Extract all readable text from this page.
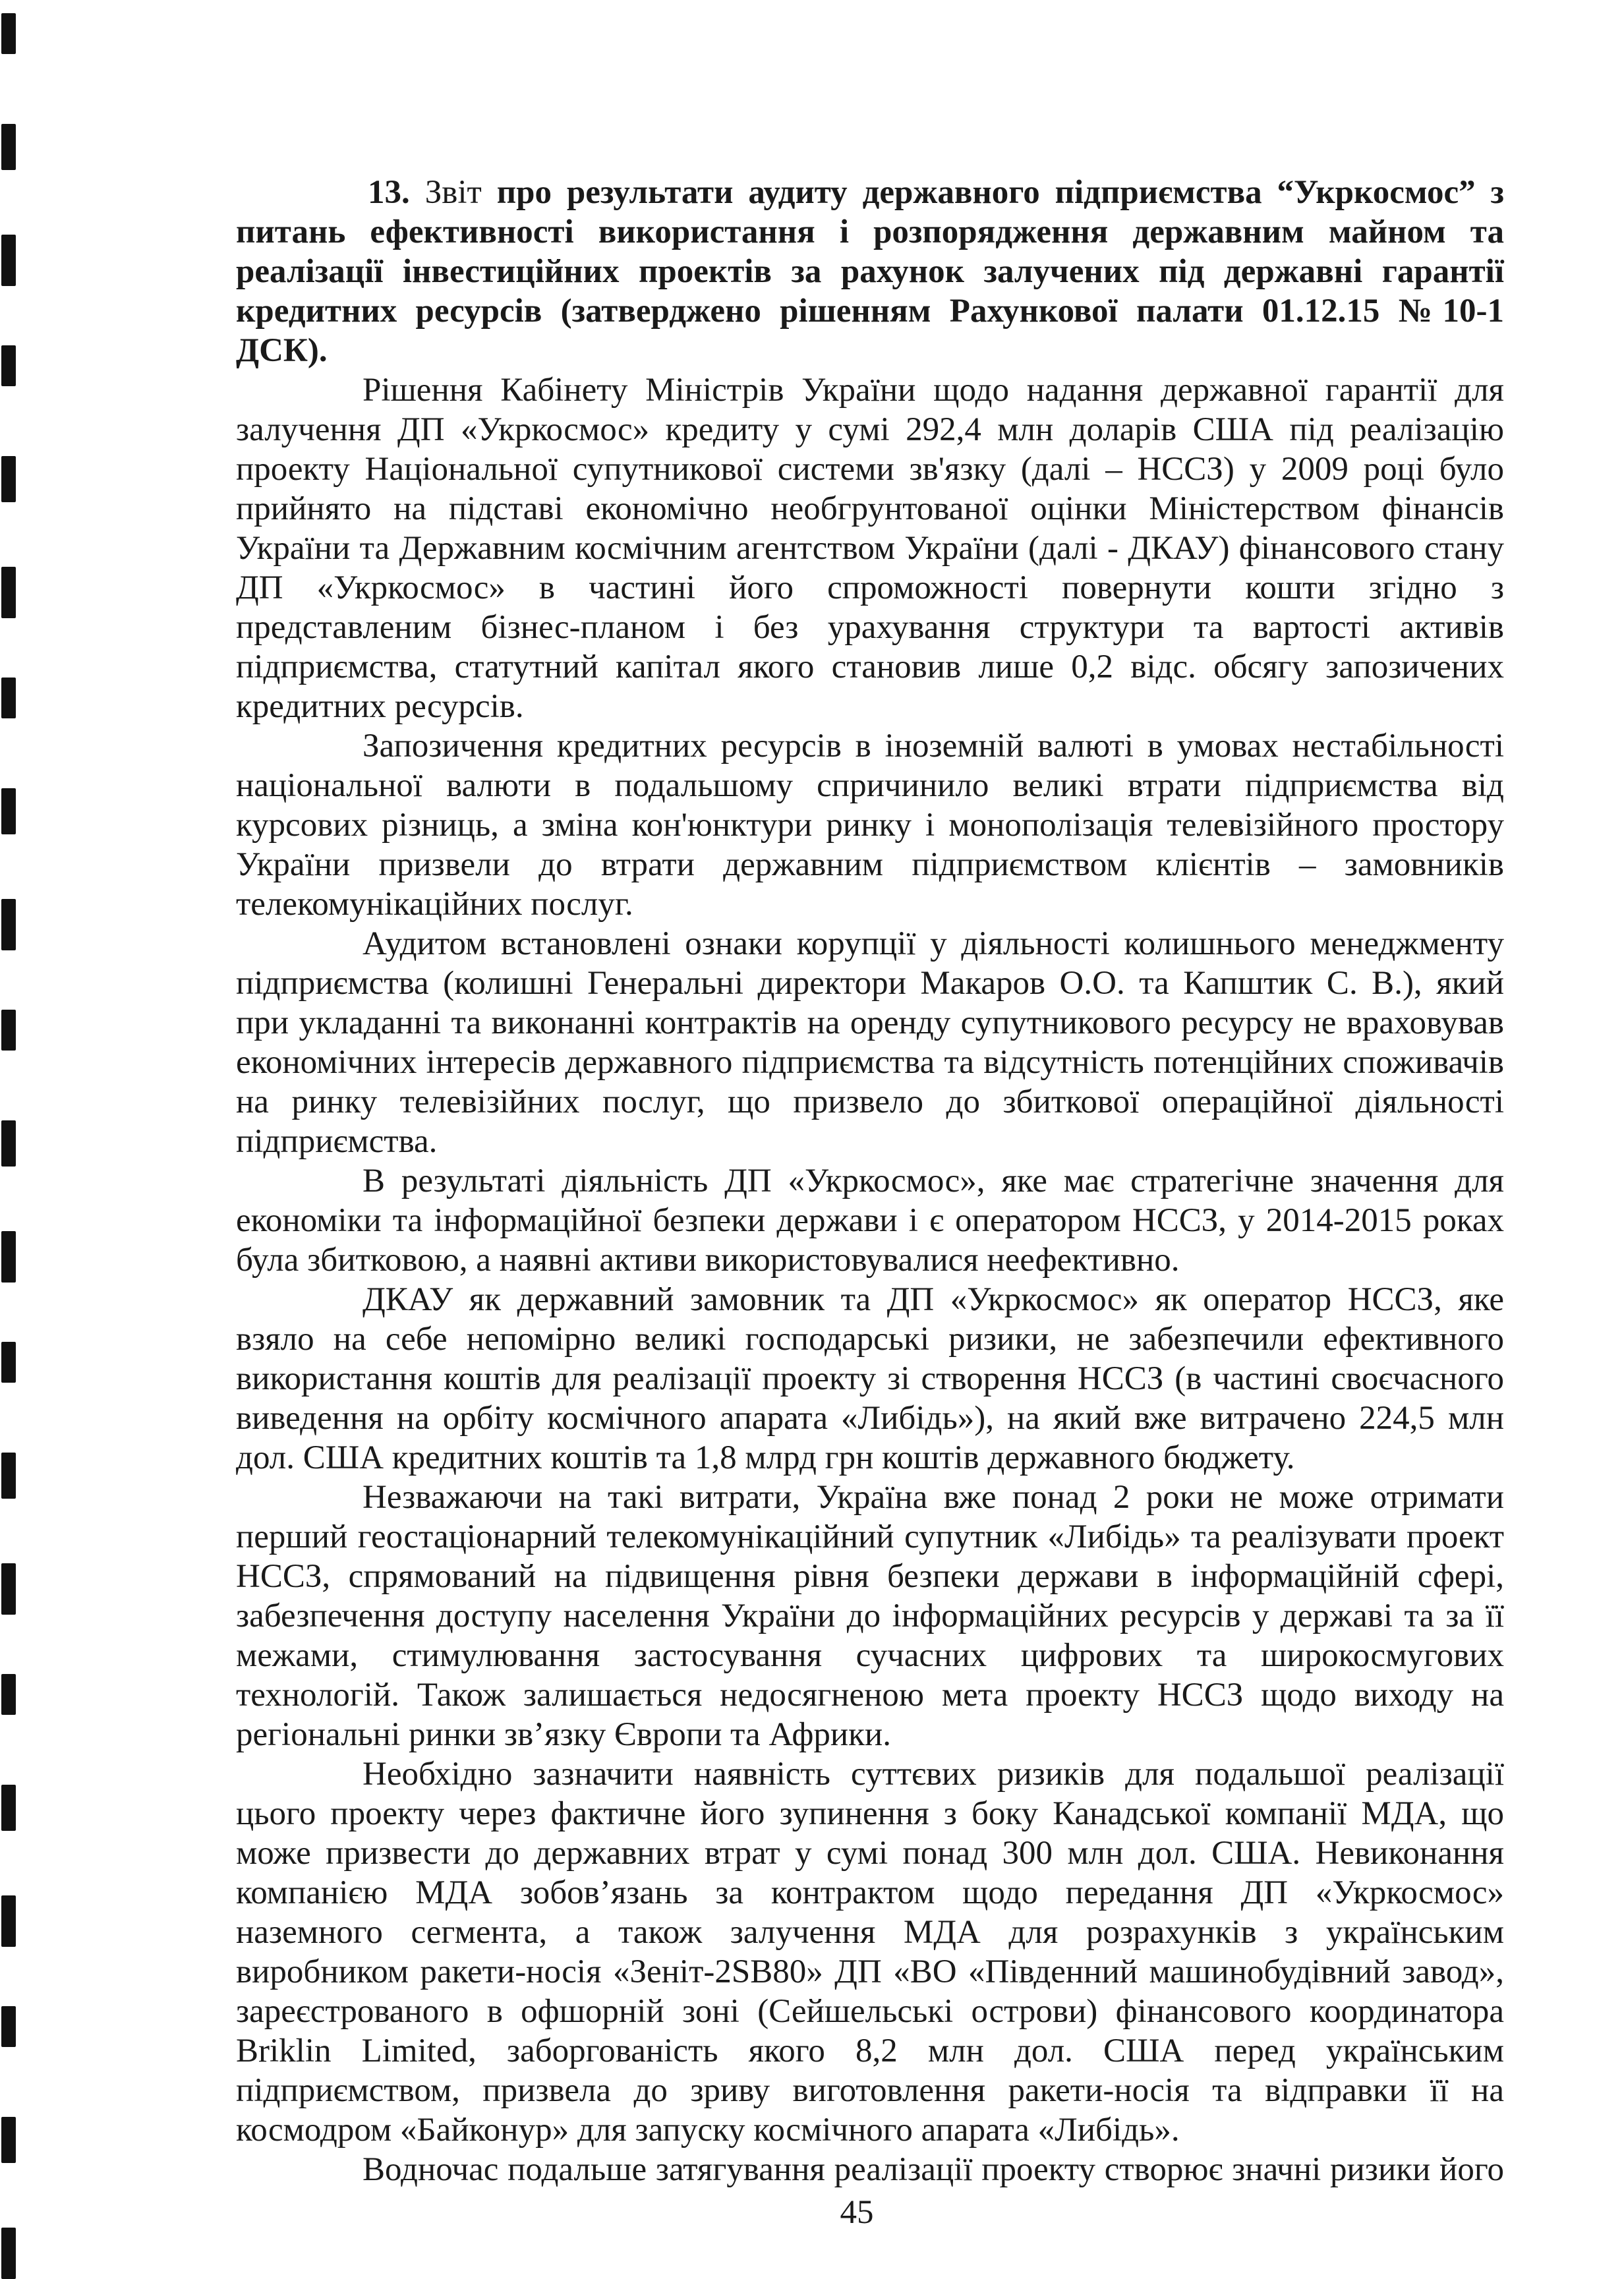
13. Звіт про результати аудиту державного підприємства “Укркосмос” з
питань ефективності використання і розпорядження державним майном та
реалізації інвестиційних проектів за рахунок залучених під державні гарантії
кредитних ресурсів (затверджено рішенням Рахункової палати 01.12.15 №10-1
ДСК).
Рішення Кабінету Міністрів України щодо надання державної гарантії для
залучення ДП «Укркосмос» кредиту у сумі 292,4 млн доларів США під реалізацію
проекту Національної супутникової системи зв'язку (далі – НССЗ) у 2009 році було
прийнято на підставі економічно необгрунтованої оцінки Міністерством фінансів
України та Державним космічним агентством України (далі - ДКАУ) фінансового стану
ДП «Укркосмос» в частині його спроможності повернути кошти згідно з
представленим бізнес-планом і без урахування структури та вартості активів
підприємства, статутний капітал якого становив лише 0,2 відс. обсягу запозичених
кредитних ресурсів.
Запозичення кредитних ресурсів в іноземній валюті в умовах нестабільності
національної валюти в подальшому спричинило великі втрати підприємства від
курсових різниць, а зміна кон'юнктури ринку і монополізація телевізійного простору
України призвели до втрати державним підприємством клієнтів – замовників
телекомунікаційних послуг.
Аудитом встановлені ознаки корупції у діяльності колишнього менеджменту
підприємства (колишні Генеральні директори Макаров О.О. та Капштик С. В.), який
при укладанні та виконанні контрактів на оренду супутникового ресурсу не враховував
економічних інтересів державного підприємства та відсутність потенційних споживачів
на ринку телевізійних послуг, що призвело до збиткової операційної діяльності
підприємства.
В результаті діяльність ДП «Укркосмос», яке має стратегічне значення для
економіки та інформаційної безпеки держави і є оператором НССЗ, у 2014-2015 роках
була збитковою, а наявні активи використовувалися неефективно.
ДКАУ як державний замовник та ДП «Укркосмос» як оператор НССЗ, яке
взяло на себе непомірно великі господарські ризики, не забезпечили ефективного
використання коштів для реалізації проекту зі створення НССЗ (в частині своєчасного
виведення на орбіту космічного апарата «Либідь»), на який вже витрачено 224,5 млн
дол. США кредитних коштів та 1,8 млрд грн коштів державного бюджету.
Незважаючи на такі витрати, Україна вже понад 2 роки не може отримати
перший геостаціонарний телекомунікаційний супутник «Либідь» та реалізувати проект
НССЗ, спрямований на підвищення рівня безпеки держави в інформаційній сфері,
забезпечення доступу населення України до інформаційних ресурсів у державі та за її
межами, стимулювання застосування сучасних цифрових та широкосмугових
технологій. Також залишається недосягненою мета проекту НССЗ щодо виходу на
регіональні ринки зв’язку Європи та Африки.
Необхідно зазначити наявність суттєвих ризиків для подальшої реалізації
цього проекту через фактичне його зупинення з боку Канадської компанії МДА, що
може призвести до державних втрат у сумі понад 300 млн дол. США. Невиконання
компанією МДА зобов’язань за контрактом щодо передання ДП «Укркосмос»
наземного сегмента, а також залучення МДА для розрахунків з українським
виробником ракети-носія «Зеніт-2SB80» ДП «ВО «Південний машинобудівний завод»,
зареєстрованого в офшорній зоні (Сейшельські острови) фінансового координатора
Briklin Limited, заборгованість якого 8,2 млн дол. США перед українським
підприємством, призвела до зриву виготовлення ракети-носія та відправки її на
космодром «Байконур» для запуску космічного апарата «Либідь».
Водночас подальше затягування реалізації проекту створює значні ризики його
45
